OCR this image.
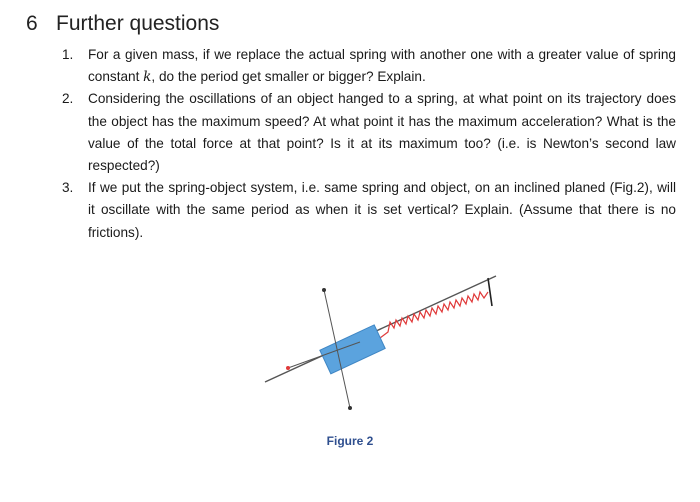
6 Further questions
1. For a given mass, if we replace the actual spring with another one with a greater value of spring constant k, do the period get smaller or bigger? Explain.
2. Considering the oscillations of an object hanged to a spring, at what point on its trajectory does the object has the maximum speed? At what point it has the maximum acceleration? What is the value of the total force at that point? Is it at its maximum too? (i.e. is Newton’s second law respected?)
3. If we put the spring-object system, i.e. same spring and object, on an inclined planed (Fig.2), will it oscillate with the same period as when it is set vertical? Explain. (Assume that there is no frictions).
Figure 2
